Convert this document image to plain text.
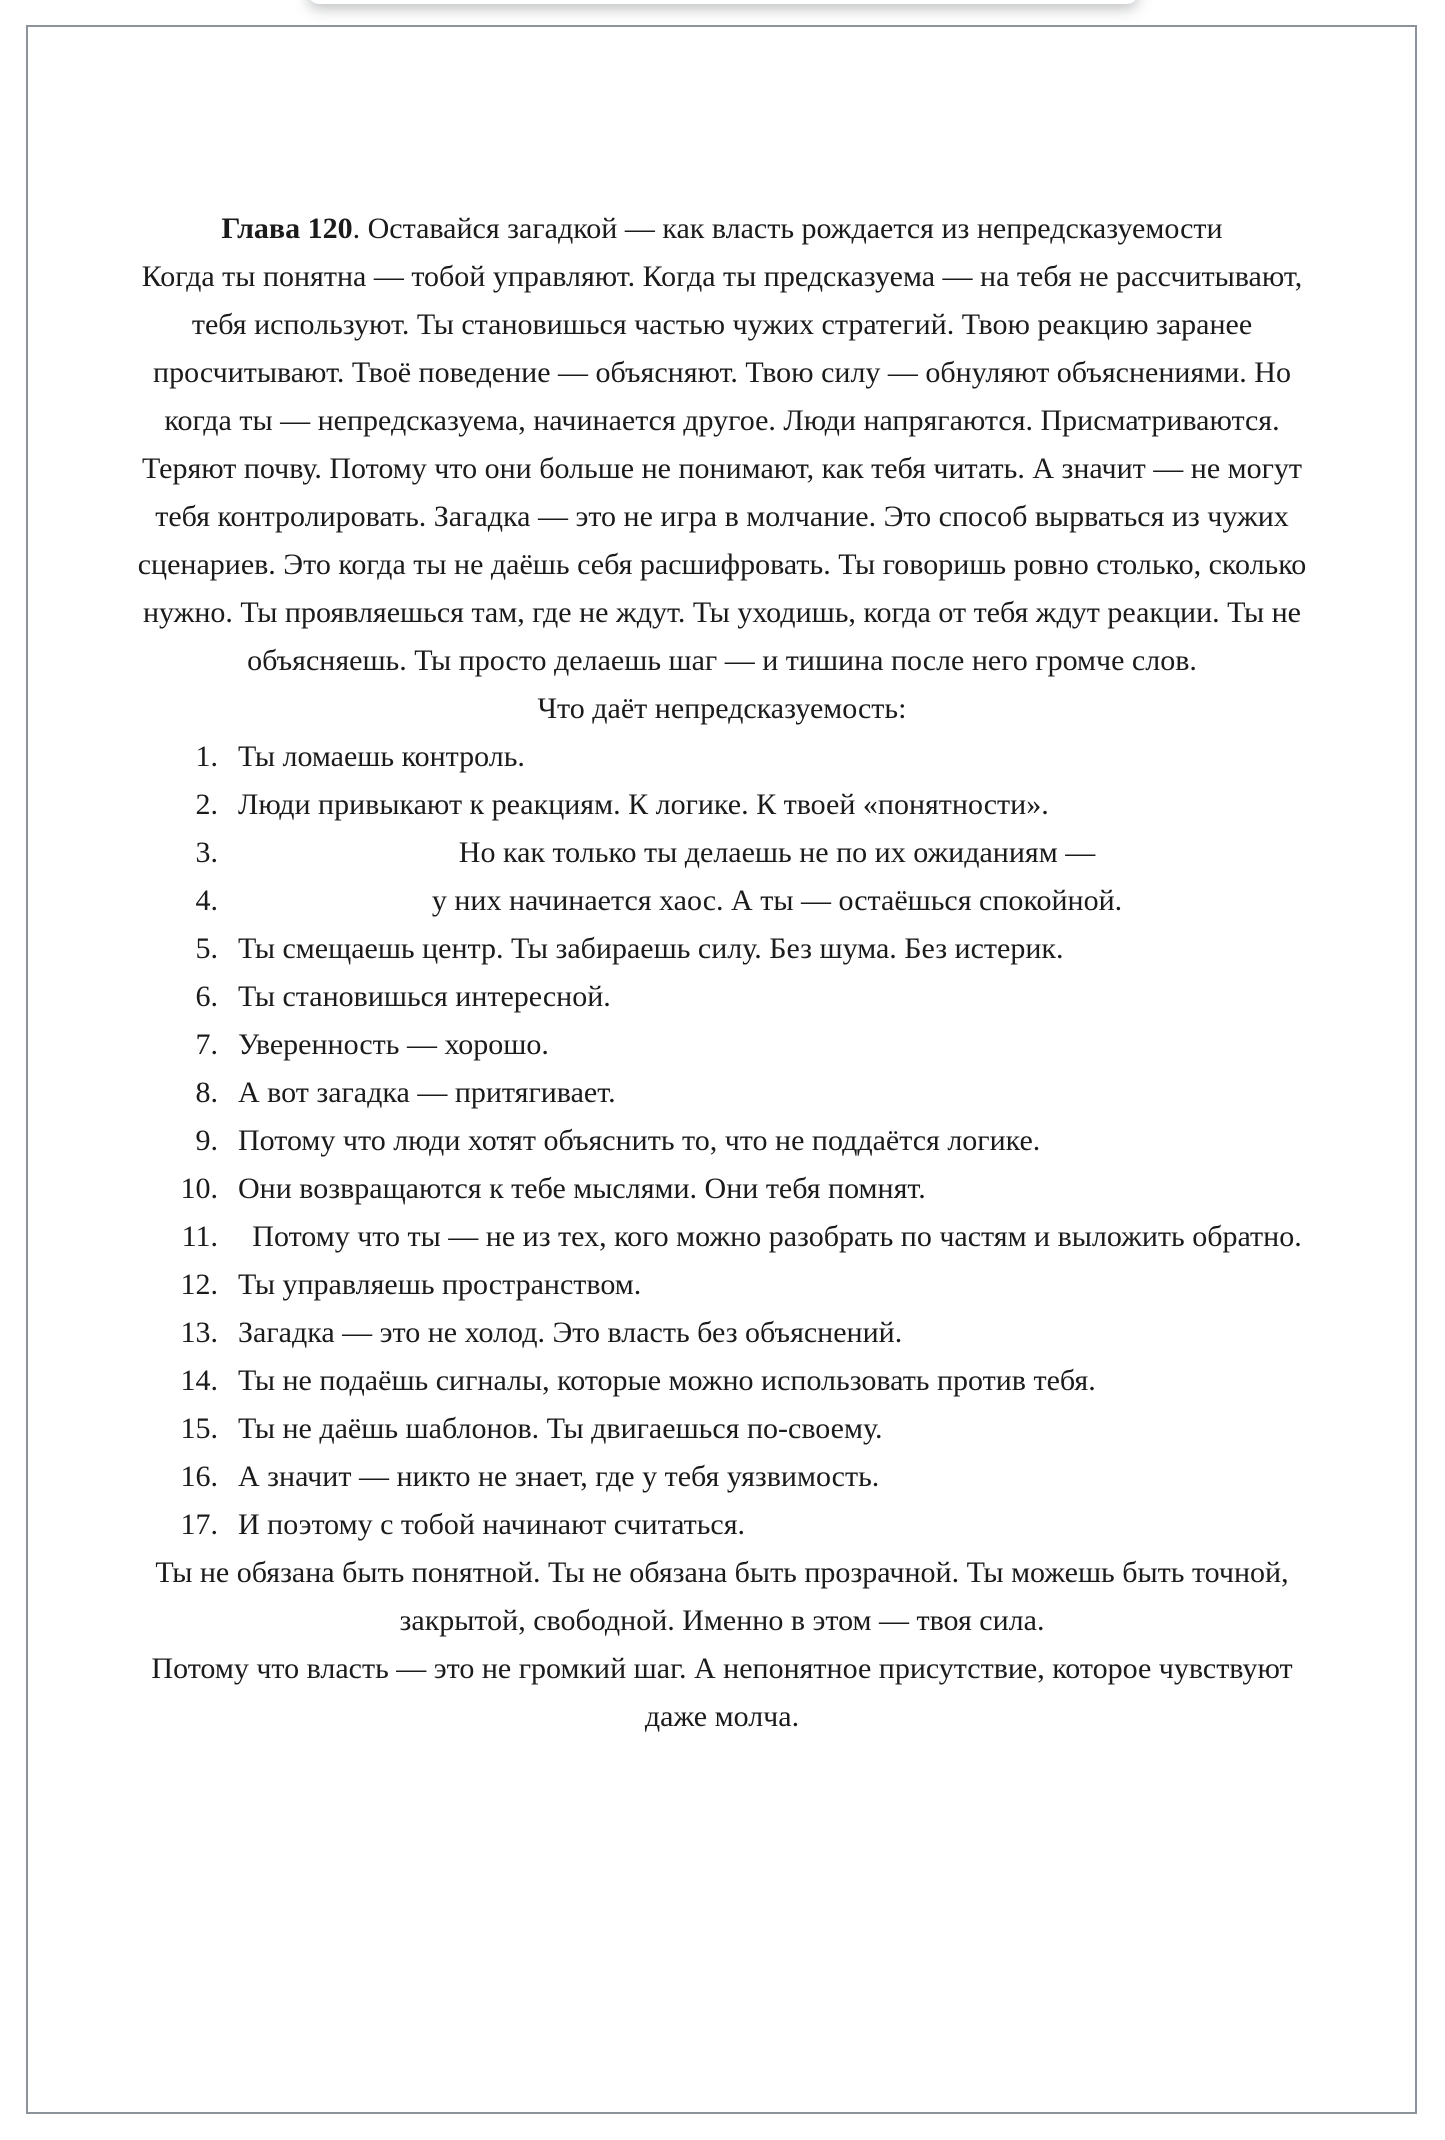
Глава 120. Оставайся загадкой — как власть рождается из непредсказуемости

Когда ты понятна — тобой управляют. Когда ты предсказуема — на тебя не рассчитывают, тебя используют. Ты становишься частью чужих стратегий. Твою реакцию заранее просчитывают. Твоё поведение — объясняют. Твою силу — обнуляют объяснениями. Но когда ты — непредсказуема, начинается другое. Люди напрягаются. Присматриваются. Теряют почву. Потому что они больше не понимают, как тебя читать. А значит — не могут тебя контролировать. Загадка — это не игра в молчание. Это способ вырваться из чужих сценариев. Это когда ты не даёшь себя расшифровать. Ты говоришь ровно столько, сколько нужно. Ты проявляешься там, где не ждут. Ты уходишь, когда от тебя ждут реакции. Ты не объясняешь. Ты просто делаешь шаг — и тишина после него громче слов.

Что даёт непредсказуемость:

1. Ты ломаешь контроль.
2. Люди привыкают к реакциям. К логике. К твоей «понятности».
3.	Но как только ты делаешь не по их ожиданиям —
4.	у них начинается хаос. А ты — остаёшься спокойной.
5. Ты смещаешь центр. Ты забираешь силу. Без шума. Без истерик.
6. Ты становишься интересной.
7. Уверенность — хорошо.
8. А вот загадка — притягивает.
9. Потому что люди хотят объяснить то, что не поддаётся логике.
10. Они возвращаются к тебе мыслями. Они тебя помнят.
11.	Потому что ты — не из тех, кого можно разобрать по частям и выложить обратно.
12. Ты управляешь пространством.
13. Загадка — это не холод. Это власть без объяснений.
14. Ты не подаёшь сигналы, которые можно использовать против тебя.
15. Ты не даёшь шаблонов. Ты двигаешься по-своему.
16. А значит — никто не знает, где у тебя уязвимость.
17. И поэтому с тобой начинают считаться.

Ты не обязана быть понятной. Ты не обязана быть прозрачной. Ты можешь быть точной, закрытой, свободной. Именно в этом — твоя сила.

Потому что власть — это не громкий шаг. А непонятное присутствие, которое чувствуют даже молча.
